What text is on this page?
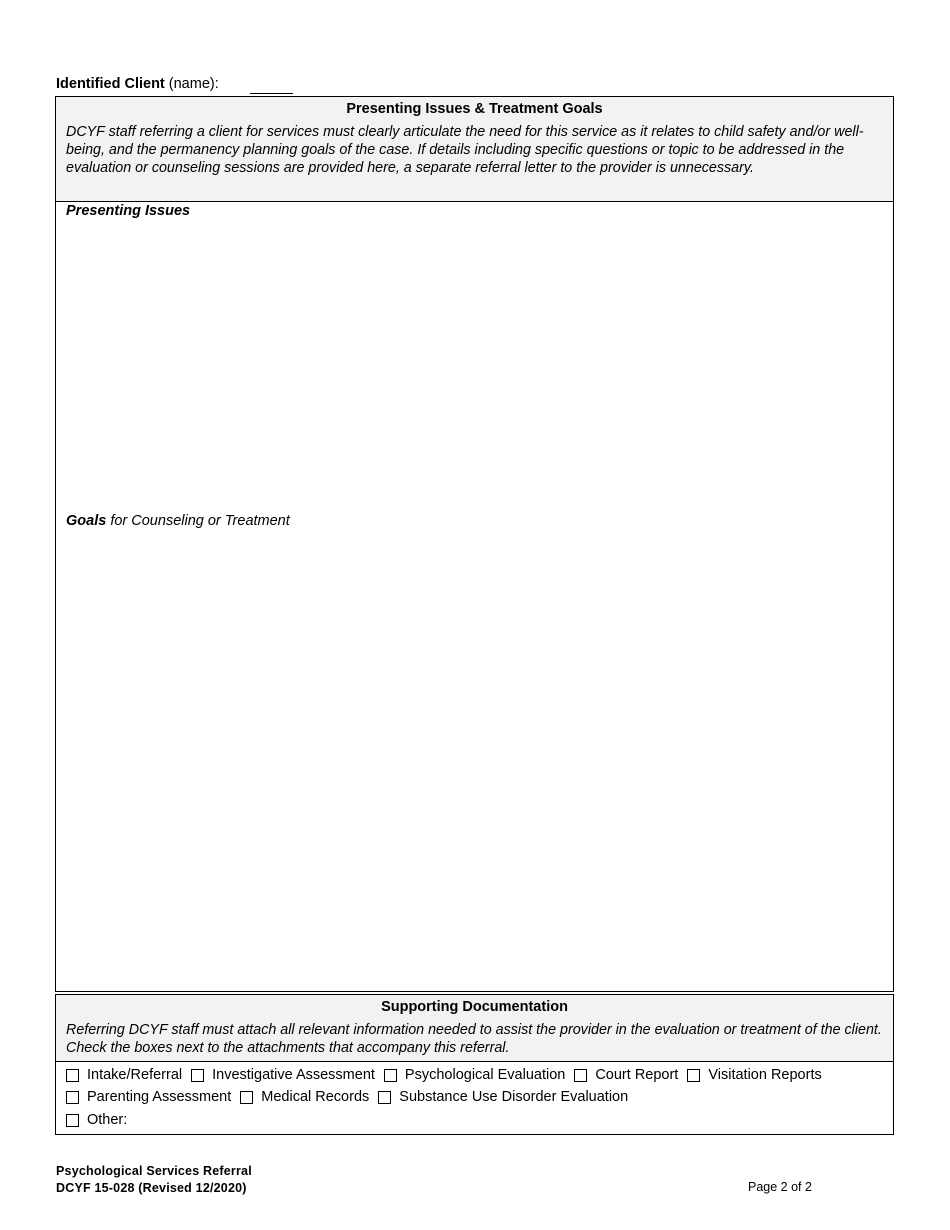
Identified Client (name):
Presenting Issues & Treatment Goals
DCYF staff referring a client for services must clearly articulate the need for this service as it relates to child safety and/or well-being, and the permanency planning goals of the case. If details including specific questions or topic to be addressed in the evaluation or counseling sessions are provided here, a separate referral letter to the provider is unnecessary.
Presenting Issues
Goals for Counseling or Treatment
Supporting Documentation
Referring DCYF staff must attach all relevant information needed to assist the provider in the evaluation or treatment of the client. Check the boxes next to the attachments that accompany this referral.
Intake/Referral Investigative Assessment Psychological Evaluation Court Report Visitation Reports
Parenting Assessment Medical Records Substance Use Disorder Evaluation
Other:
Psychological Services Referral
DCYF 15-028 (Revised 12/2020)	Page 2 of 2
